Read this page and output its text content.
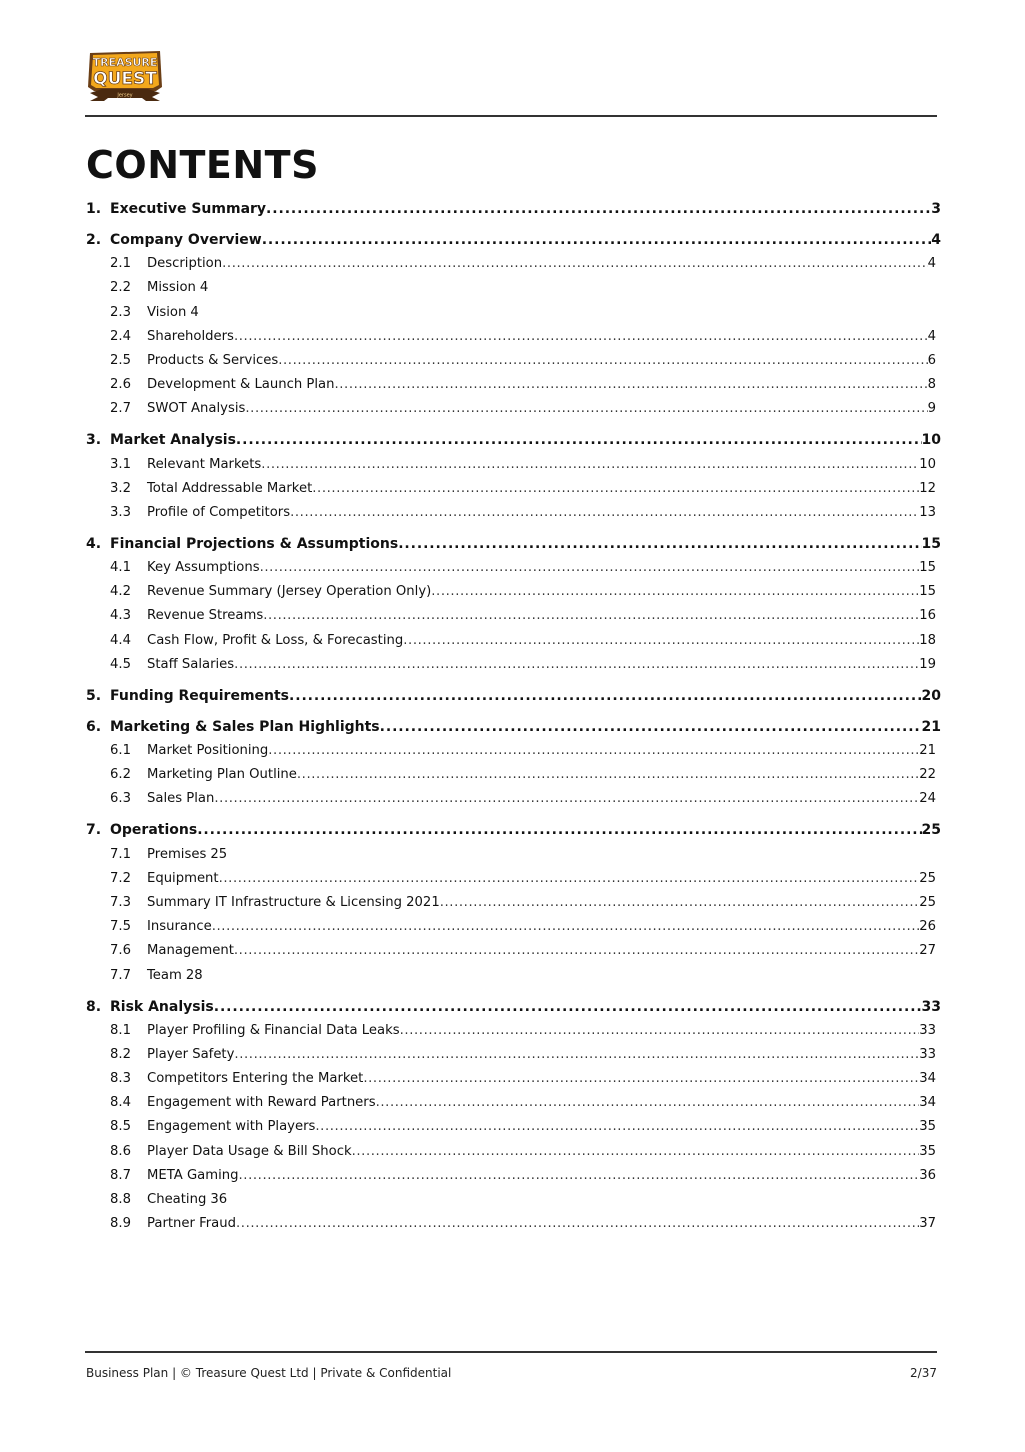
TREASURE
QUEST
Jersey
CONTENTS
1. Executive Summary .....	3
2. Company Overview .....	4
2.1	Description .....	4
2.2	Mission 4
2.3	Vision 4
2.4	Shareholders .....	4
2.5	Products & Services .....	6
2.6	Development & Launch Plan .....	8
2.7	SWOT Analysis .....	9
3. Market Analysis .....	10
3.1	Relevant Markets .....	10
3.2	Total Addressable Market .....	12
3.3	Profile of Competitors .....	13
4. Financial Projections & Assumptions .....	15
4.1	Key Assumptions .....	15
4.2	Revenue Summary (Jersey Operation Only) .....	15
4.3	Revenue Streams .....	16
4.4	Cash Flow, Profit & Loss, & Forecasting .....	18
4.5	Staff Salaries .....	19
5. Funding Requirements .....	20
6. Marketing & Sales Plan Highlights .....	21
6.1	Market Positioning .....	21
6.2	Marketing Plan Outline .....	22
6.3	Sales Plan .....	24
7. Operations .....	25
7.1	Premises 25
7.2	Equipment .....	25
7.3	Summary IT Infrastructure & Licensing 2021 .....	25
7.5	Insurance .....	26
7.6	Management .....	27
7.7	Team 28
8. Risk Analysis .....	33
8.1	Player Profiling & Financial Data Leaks .....	33
8.2	Player Safety .....	33
8.3	Competitors Entering the Market .....	34
8.4	Engagement with Reward Partners .....	34
8.5	Engagement with Players .....	35
8.6	Player Data Usage & Bill Shock .....	35
8.7	META Gaming .....	36
8.8	Cheating 36
8.9	Partner Fraud .....	37
Business Plan | © Treasure Quest Ltd | Private & Confidential	2/37
